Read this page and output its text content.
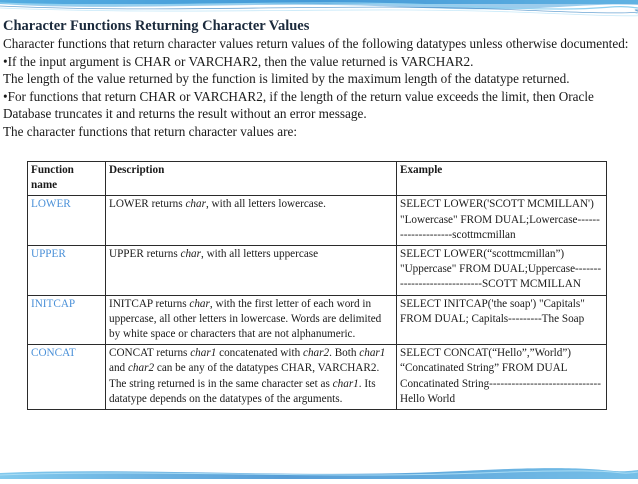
Character Functions Returning Character Values
Character functions that return character values return values of the following datatypes unless otherwise documented:
•If the input argument is CHAR or VARCHAR2, then the value returned is VARCHAR2.
The length of the value returned by the function is limited by the maximum length of the datatype returned.
•For functions that return CHAR or VARCHAR2, if the length of the return value exceeds the limit, then Oracle Database truncates it and returns the result without an error message.
The character functions that return character values are:
Function name	Description	Example
LOWER	LOWER returns char, with all letters lowercase.	SELECT LOWER('SCOTT MCMILLAN') "Lowercase" FROM DUAL;Lowercase--------------------scottmcmillan
UPPER	UPPER returns char, with all letters uppercase	SELECT LOWER(“scottmcmillan”) "Uppercase" FROM DUAL;Uppercase-----------------------------SCOTT MCMILLAN
INITCAP	INITCAP returns char, with the first letter of each word in uppercase, all other letters in lowercase. Words are delimited by white space or characters that are not alphanumeric.	SELECT INITCAP('the soap') "Capitals" FROM DUAL; Capitals---------The Soap
CONCAT	CONCAT returns char1 concatenated with char2. Both char1 and char2 can be any of the datatypes CHAR, VARCHAR2. The string returned is in the same character set as char1. Its datatype depends on the datatypes of the arguments.	SELECT CONCAT(“Hello”,”World”) “Concatinated String” FROM DUAL Concatinated String------------------------------Hello World
